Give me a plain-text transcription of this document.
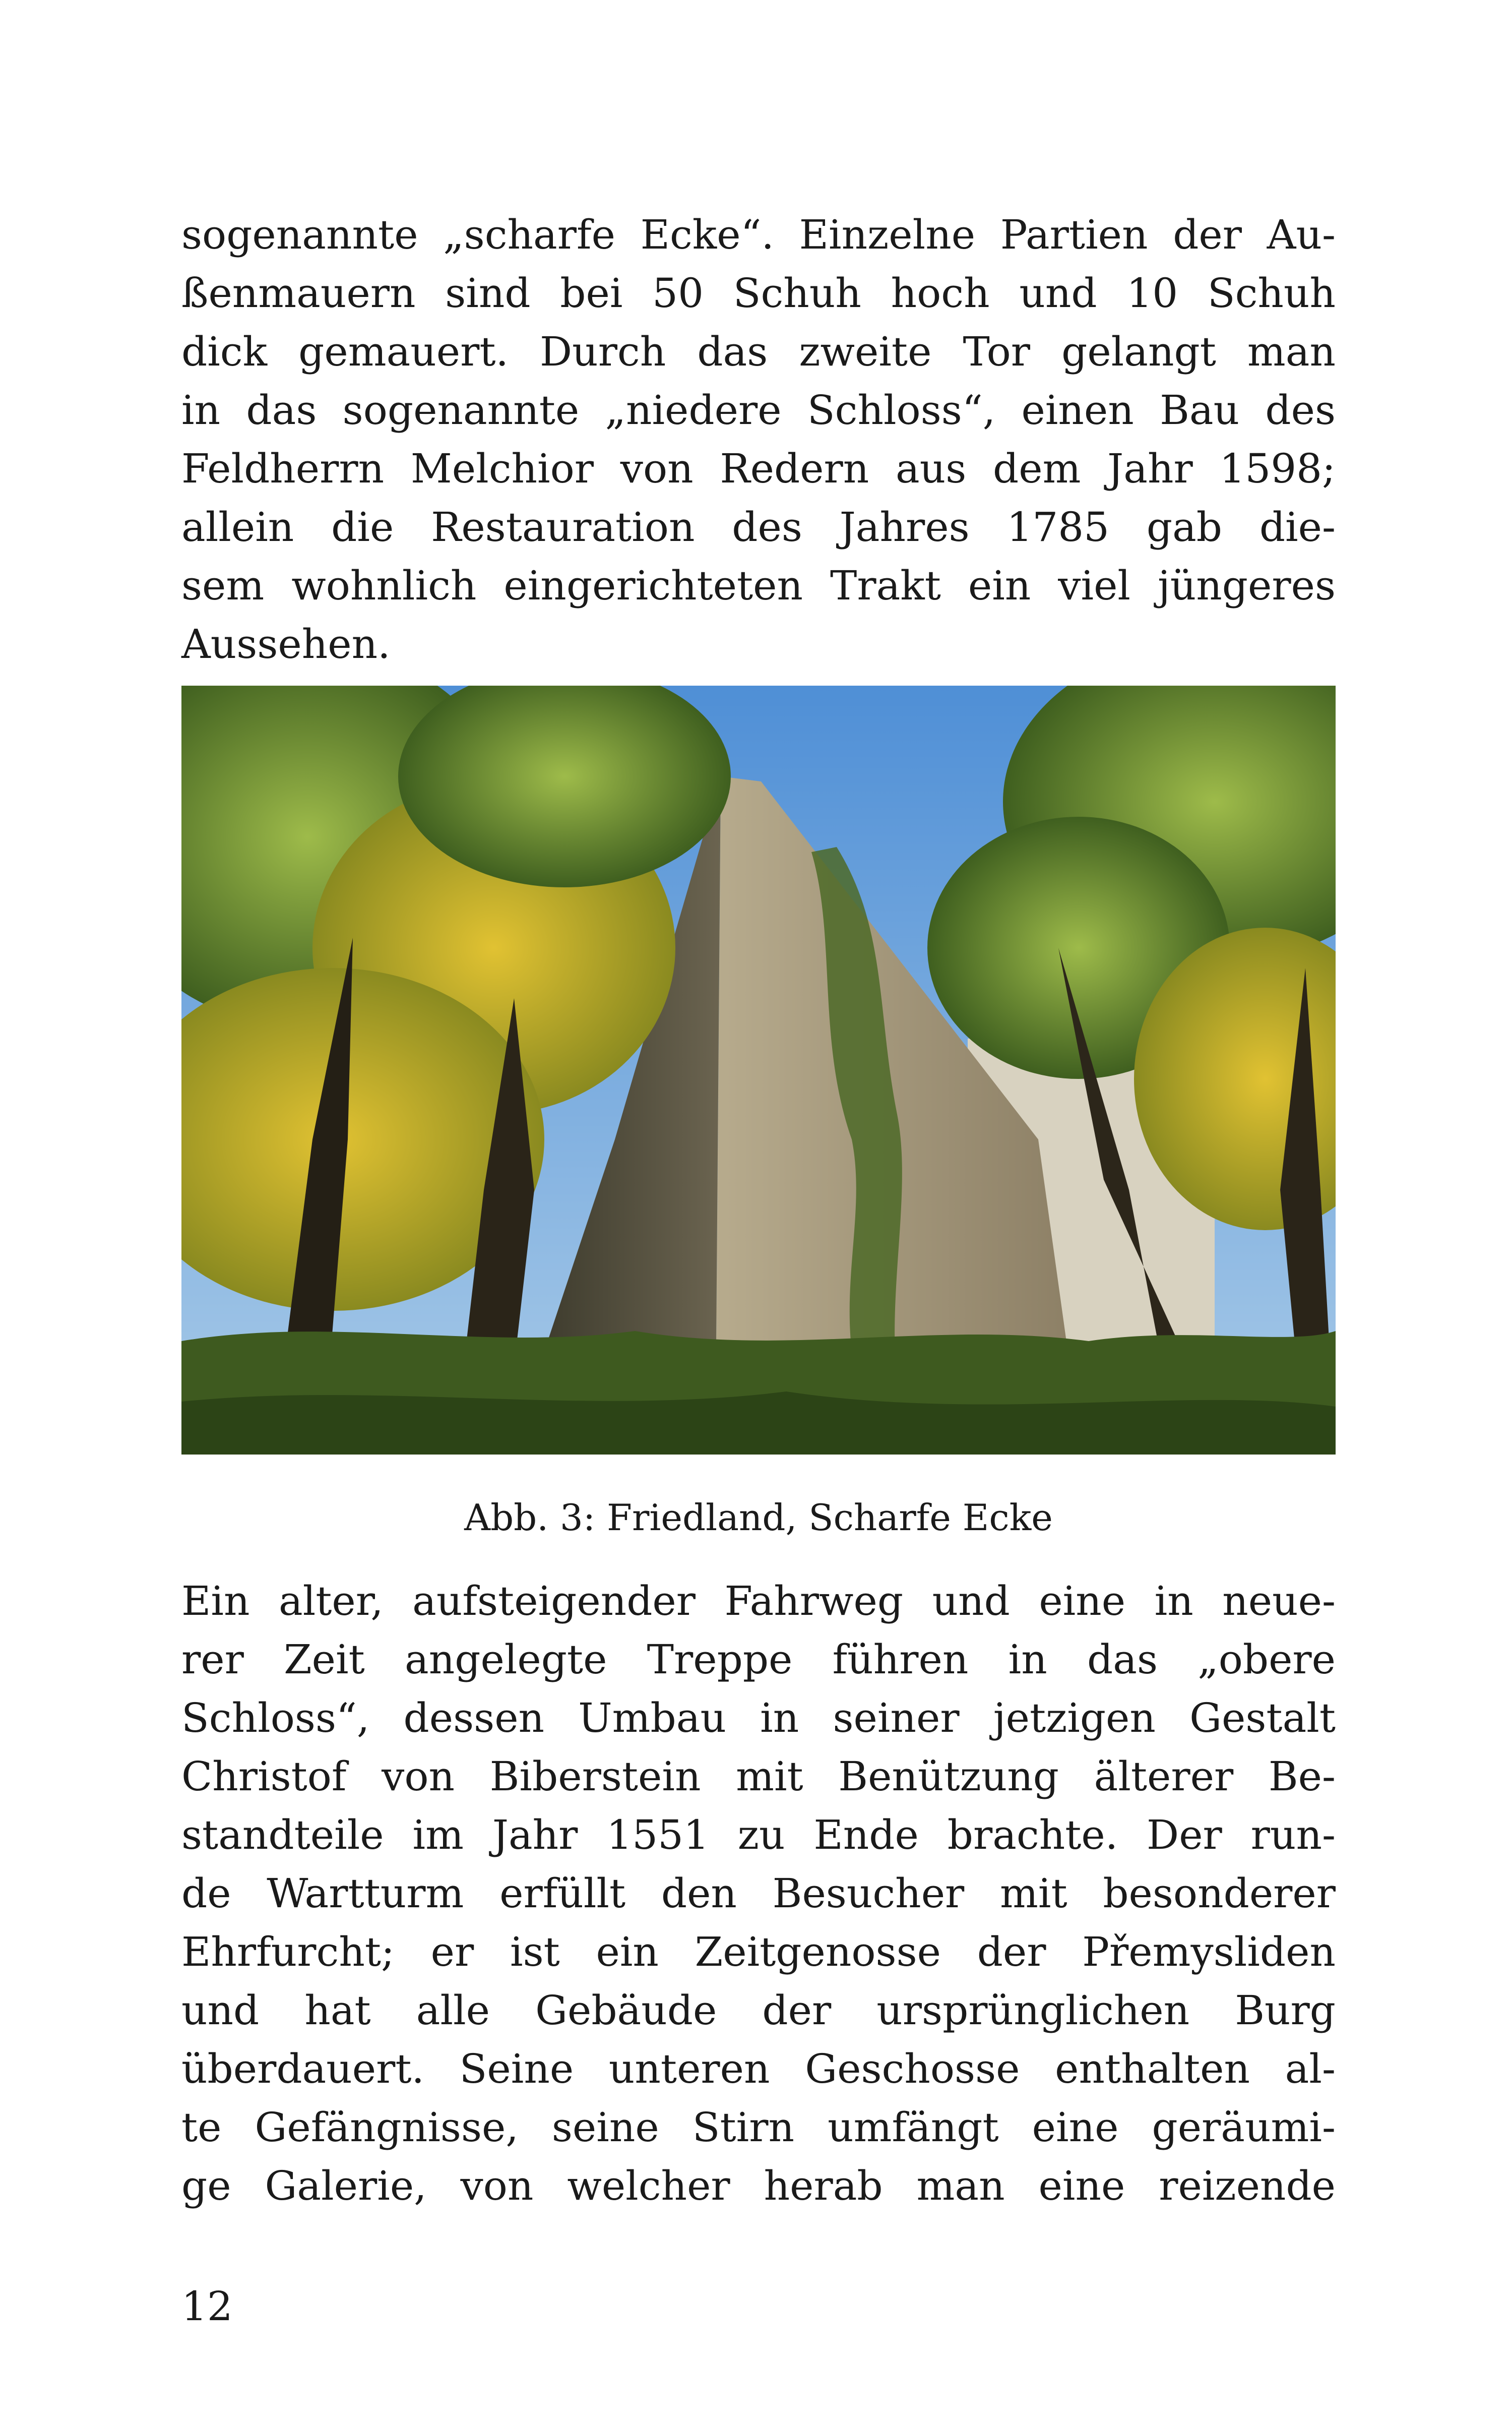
sogenannte „scharfe Ecke“. Einzelne Partien der Au-
ßenmauern sind bei 50 Schuh hoch und 10 Schuh
dick gemauert. Durch das zweite Tor gelangt man
in das sogenannte „niedere Schloss“, einen Bau des
Feldherrn Melchior von Redern aus dem Jahr 1598;
allein die Restauration des Jahres 1785 gab die-
sem wohnlich eingerichteten Trakt ein viel jüngeres
Aussehen.

Abb. 3: Friedland, Scharfe Ecke

Ein alter, aufsteigender Fahrweg und eine in neue-
rer Zeit angelegte Treppe führen in das „obere
Schloss“, dessen Umbau in seiner jetzigen Gestalt
Christof von Biberstein mit Benützung älterer Be-
standteile im Jahr 1551 zu Ende brachte. Der run-
de Wartturm erfüllt den Besucher mit besonderer
Ehrfurcht; er ist ein Zeitgenosse der Přemysliden
und hat alle Gebäude der ursprünglichen Burg
überdauert. Seine unteren Geschosse enthalten al-
te Gefängnisse, seine Stirn umfängt eine geräumi-
ge Galerie, von welcher herab man eine reizende

12
